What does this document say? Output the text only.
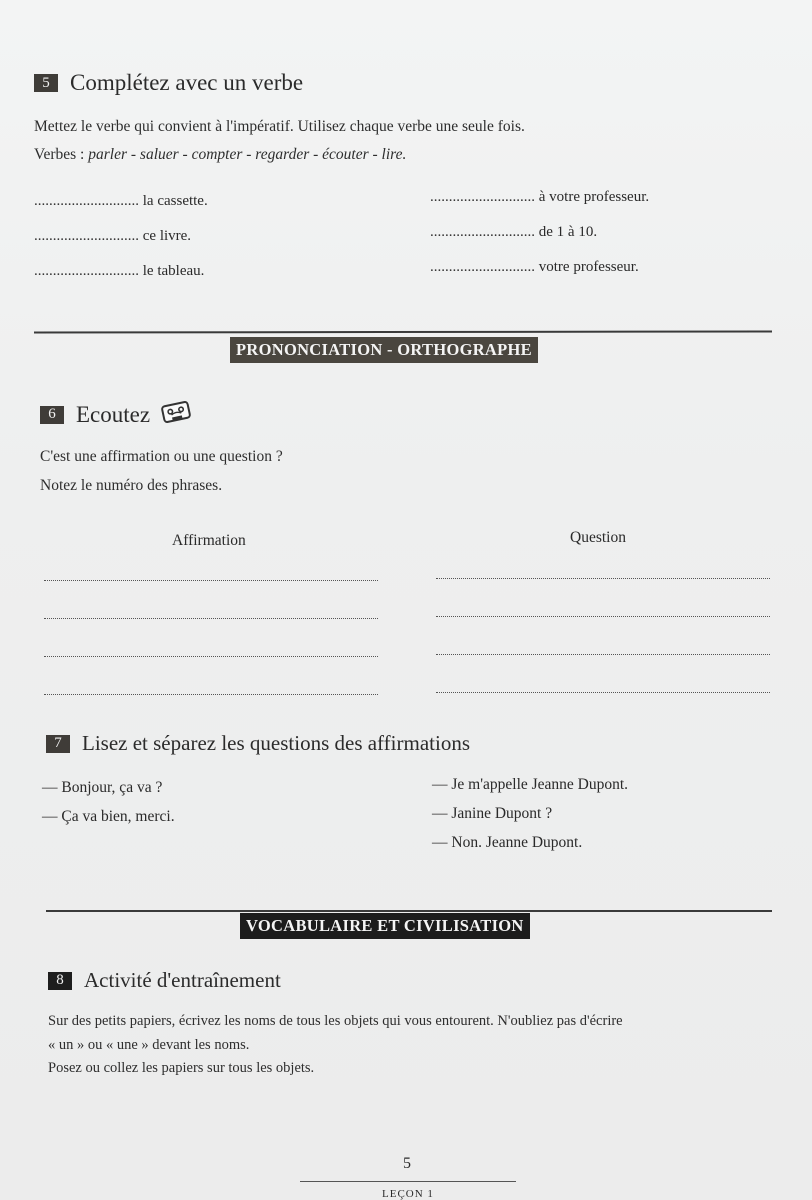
5 Complétez avec un verbe
Mettez le verbe qui convient à l'impératif. Utilisez chaque verbe une seule fois.
Verbes : parler - saluer - compter - regarder - écouter - lire.
............................ la cassette.
............................ ce livre.
............................ le tableau.
............................ à votre professeur.
............................ de 1 à 10.
............................ votre professeur.
PRONONCIATION - ORTHOGRAPHE
6 Ecoutez
C'est une affirmation ou une question ?
Notez le numéro des phrases.
Affirmation	Question
7 Lisez et séparez les questions des affirmations
— Bonjour, ça va ?
— Ça va bien, merci.
— Je m'appelle Jeanne Dupont.
— Janine Dupont ?
— Non. Jeanne Dupont.
VOCABULAIRE ET CIVILISATION
8 Activité d'entraînement
Sur des petits papiers, écrivez les noms de tous les objets qui vous entourent. N'oubliez pas d'écrire
« un » ou « une » devant les noms.
Posez ou collez les papiers sur tous les objets.
5
LEÇON 1
